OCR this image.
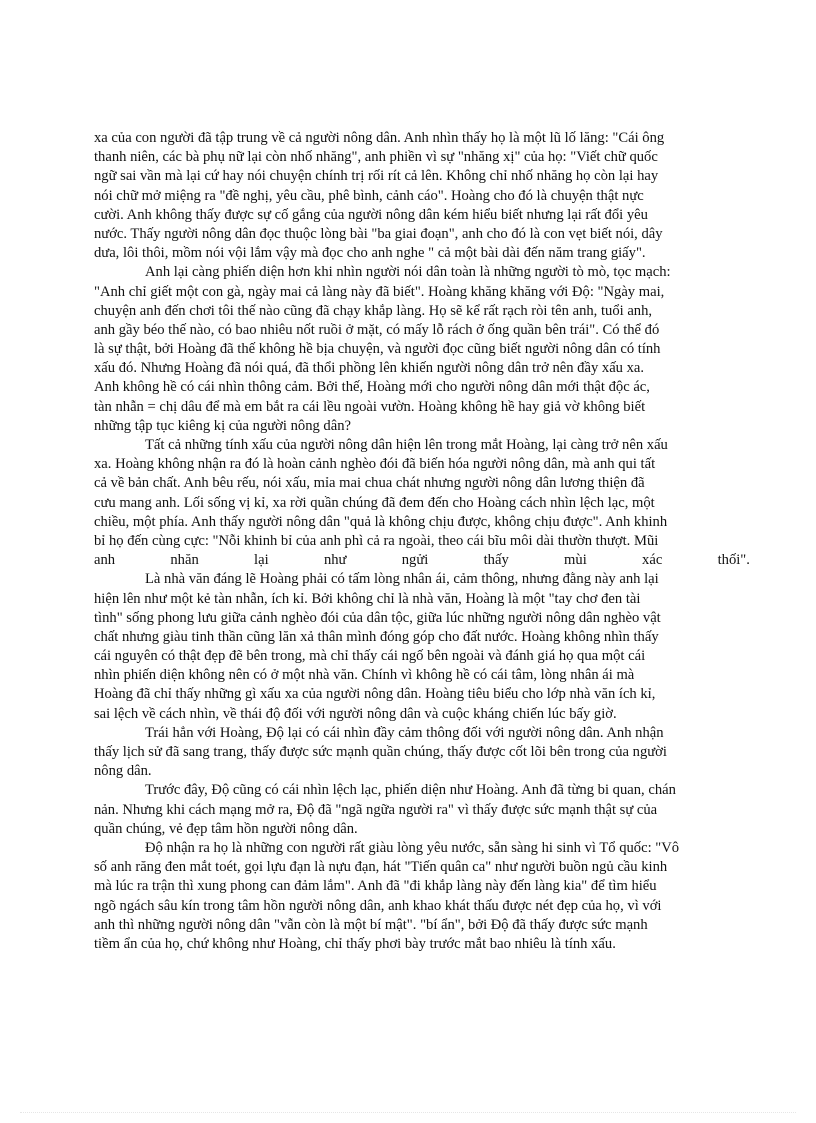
xa của con người đã tập trung về cả người nông dân. Anh nhìn thấy họ là một lũ lố lăng: "Cái ông
thanh niên, các bà phụ nữ lại còn nhố nhăng", anh phiền vì sự "nhăng xị" của họ: "Viết chữ quốc
ngữ sai vần mà lại cứ hay nói chuyện chính trị rối rít cả lên. Không chỉ nhố nhăng họ còn lại hay
nói chữ mở miệng ra "đề nghị, yêu cầu, phê bình, cảnh cáo". Hoàng cho đó là chuyện thật nực
cười. Anh không thấy được sự cố gắng của người nông dân kém hiểu biết nhưng lại rất đổi yêu
nước. Thấy người nông dân đọc thuộc lòng bài "ba giai đoạn", anh cho đó là con vẹt biết nói, dây
dưa, lôi thôi, mồm nói vội lắm vậy mà đọc cho anh nghe " cả một bài dài đến năm trang giấy".
Anh lại càng phiến diện hơn khi nhìn người nói dân toàn là những người tò mò, tọc mạch:
"Anh chỉ giết một con gà, ngày mai cả làng này đã biết". Hoàng khăng khăng với Độ: "Ngày mai,
chuyện anh đến chơi tôi thế nào cũng đã chạy khắp làng. Họ sẽ kể rất rạch ròi tên anh, tuổi anh,
anh gầy béo thế nào, có bao nhiêu nốt ruồi ở mặt, có mấy lỗ rách ở ống quần bên trái". Có thể đó
là sự thật, bởi Hoàng đã thế không hề bịa chuyện, và người đọc cũng biết người nông dân có tính
xấu đó. Nhưng Hoàng đã nói quá, đã thổi phồng lên khiến người nông dân trở nên đầy xấu xa.
Anh không hề có cái nhìn thông cảm. Bởi thế, Hoàng mới cho người nông dân mới thật độc ác,
tàn nhẫn = chị dâu để mà em bắt ra cái lều ngoài vườn. Hoàng không hề hay giả vờ không biết
những tập tục kiêng kị của người nông dân?
Tất cả những tính xấu của người nông dân hiện lên trong mắt Hoàng, lại càng trở nên xấu
xa. Hoàng không nhận ra đó là hoàn cảnh nghèo đói đã biến hóa người nông dân, mà anh qui tất
cả về bản chất. Anh bêu rếu, nói xấu, mỉa mai chua chát nhưng người nông dân lương thiện đã
cưu mang anh. Lối sống vị kỉ, xa rời quần chúng đã đem đến cho Hoàng cách nhìn lệch lạc, một
chiều, một phía. Anh thấy người nông dân "quả là không chịu được, không chịu được". Anh khinh
bỉ họ đến cùng cực: "Nỗi khinh bỉ của anh phì cả ra ngoài, theo cái bĩu môi dài thườn thượt. Mũi
anh	nhăn	lại	như	ngửi	thấy	mùi	xác	thối".
Là nhà văn đáng lẽ Hoàng phải có tấm lòng nhân ái, cảm thông, nhưng đằng này anh lại
hiện lên như một kẻ tàn nhẫn, ích kỉ. Bởi không chỉ là nhà văn, Hoàng là một "tay chơ đen tài
tình" sống phong lưu giữa cảnh nghèo đói của dân tộc, giữa lúc những người nông dân nghèo vật
chất nhưng giàu tinh thần cũng lăn xả thân mình đóng góp cho đất nước. Hoàng không nhìn thấy
cái nguyên có thật đẹp đẽ bên trong, mà chỉ thấy cái ngố bên ngoài và đánh giá họ qua một cái
nhìn phiến diện không nên có ở một nhà văn. Chính vì không hề có cái tâm, lòng nhân ái mà
Hoàng đã chỉ thấy những gì xấu xa của người nông dân. Hoàng tiêu biểu cho lớp nhà văn ích kỉ,
sai lệch về cách nhìn, về thái độ đối với người nông dân và cuộc kháng chiến lúc bấy giờ.
Trái hẳn với Hoàng, Độ lại có cái nhìn đầy cảm thông đối với người nông dân. Anh nhận
thấy lịch sử đã sang trang, thấy được sức mạnh quần chúng, thấy được cốt lõi bên trong của người
nông dân.
Trước đây, Độ cũng có cái nhìn lệch lạc, phiến diện như Hoàng. Anh đã từng bi quan, chán
nản. Nhưng khi cách mạng mở ra, Độ đã "ngã ngữa người ra" vì thấy được sức mạnh thật sự của
quần chúng, vẻ đẹp tâm hồn người nông dân.
Độ nhận ra họ là những con người rất giàu lòng yêu nước, sẵn sàng hi sinh vì Tổ quốc: "Vô
số anh răng đen mắt toét, gọi lựu đạn là nựu đạn, hát "Tiến quân ca" như người buồn ngủ cầu kinh
mà lúc ra trận thì xung phong can đảm lắm". Anh đã "đi khắp làng này đến làng kia" để tìm hiểu
ngõ ngách sâu kín trong tâm hồn người nông dân, anh khao khát thấu được nét đẹp của họ, vì với
anh thì những người nông dân "vẫn còn là một bí mật". "bí ẩn", bởi Độ đã thấy được sức mạnh
tiềm ẩn của họ, chứ không như Hoàng, chỉ thấy phơi bày trước mắt bao nhiêu là tính xấu.
